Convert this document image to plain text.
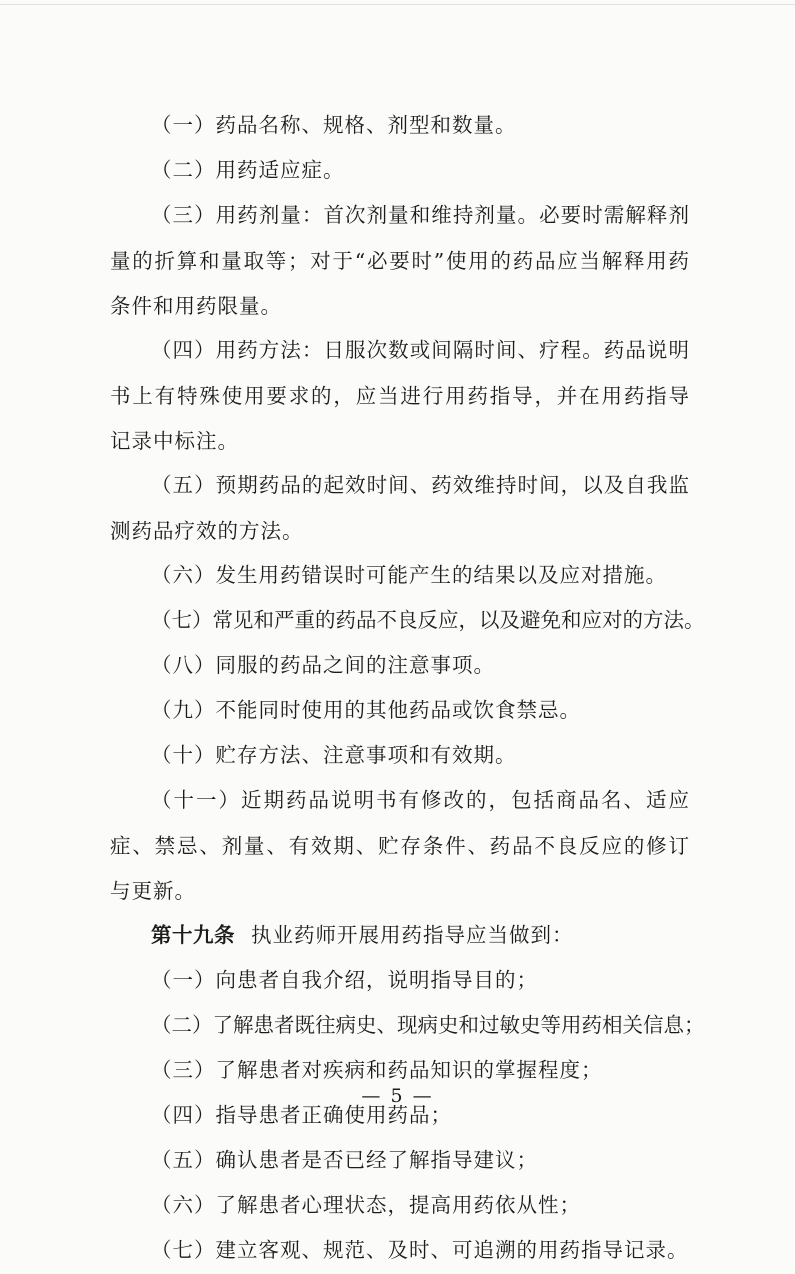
（一）药品名称、规格、剂型和数量。

（二）用药适应症。

（三）用药剂量：首次剂量和维持剂量。必要时需解释剂量的折算和量取等；对于“必要时”使用的药品应当解释用药条件和用药限量。

（四）用药方法：日服次数或间隔时间、疗程。药品说明书上有特殊使用要求的，应当进行用药指导，并在用药指导记录中标注。

（五）预期药品的起效时间、药效维持时间，以及自我监测药品疗效的方法。

（六）发生用药错误时可能产生的结果以及应对措施。

（七）常见和严重的药品不良反应，以及避免和应对的方法。

（八）同服的药品之间的注意事项。

（九）不能同时使用的其他药品或饮食禁忌。

（十）贮存方法、注意事项和有效期。

（十一）近期药品说明书有修改的，包括商品名、适应症、禁忌、剂量、有效期、贮存条件、药品不良反应的修订与更新。

第十九条 执业药师开展用药指导应当做到：

（一）向患者自我介绍，说明指导目的；

（二）了解患者既往病史、现病史和过敏史等用药相关信息；

（三）了解患者对疾病和药品知识的掌握程度；

（四）指导患者正确使用药品；

（五）确认患者是否已经了解指导建议；

（六）了解患者心理状态，提高用药依从性；

（七）建立客观、规范、及时、可追溯的用药指导记录。

— 5 —
